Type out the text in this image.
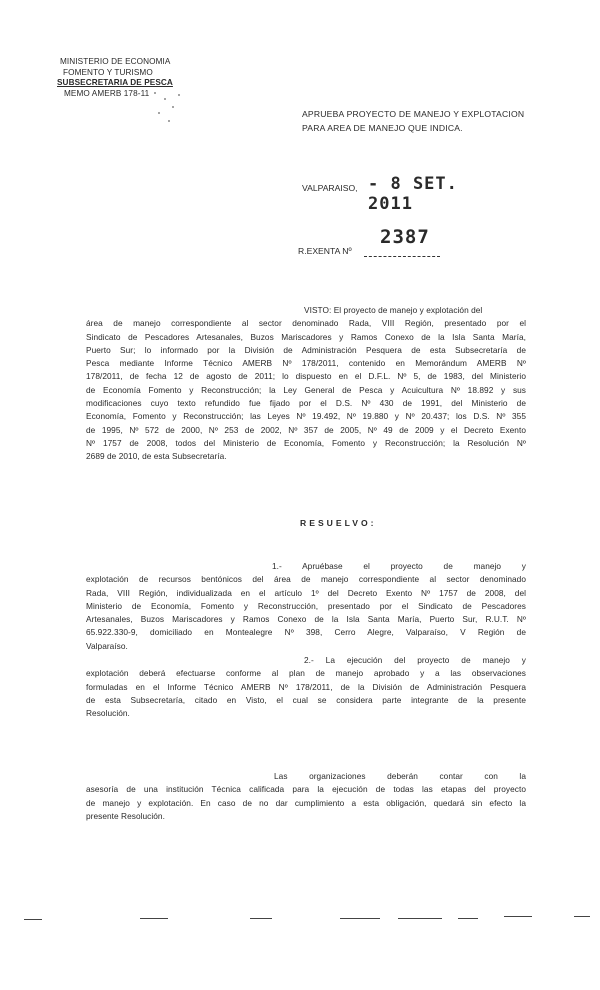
MINISTERIO DE ECONOMIA
FOMENTO Y TURISMO
SUBSECRETARIA DE PESCA
MEMO AMERB 178-11
APRUEBA PROYECTO DE MANEJO Y EXPLOTACION
PARA AREA DE MANEJO QUE INDICA.
VALPARAISO, - 8 SET. 2011
R.EXENTA Nº
2387

VISTO: El proyecto de manejo y explotación del

área de manejo correspondiente al sector denominado Rada, VIII Región, presentado por el

Sindicato de Pescadores Artesanales, Buzos Mariscadores y Ramos Conexo de la Isla Santa María,

Puerto Sur; lo informado por la División de Administración Pesquera de esta Subsecretaría de

Pesca mediante Informe Técnico AMERB Nº 178/2011, contenido en Memorándum AMERB Nº

178/2011, de fecha 12 de agosto de 2011; lo dispuesto en el D.F.L. Nº 5, de 1983, del Ministerio

de Economía Fomento y Reconstrucción; la Ley General de Pesca y Acuicultura Nº 18.892 y sus

modificaciones cuyo texto refundido fue fijado por el D.S. Nº 430 de 1991, del Ministerio de

Economía, Fomento y Reconstrucción; las Leyes Nº 19.492, Nº 19.880 y Nº 20.437; los D.S. Nº 355

de 1995, Nº 572 de 2000, Nº 253 de 2002, Nº 357 de 2005, Nº 49 de 2009 y el Decreto Exento

Nº 1757 de 2008, todos del Ministerio de Economía, Fomento y Reconstrucción; la Resolución Nº

2689 de 2010, de esta Subsecretaría.

RESUELVO:

1.- Apruébase el proyecto de manejo y

explotación de recursos bentónicos del área de manejo correspondiente al sector denominado

Rada, VIII Región, individualizada en el artículo 1º del Decreto Exento Nº 1757 de 2008, del

Ministerio de Economía, Fomento y Reconstrucción, presentado por el Sindicato de Pescadores

Artesanales, Buzos Mariscadores y Ramos Conexo de la Isla Santa María, Puerto Sur, R.U.T. Nº

65.922.330-9, domiciliado en Montealegre Nº 398, Cerro Alegre, Valparaíso, V Región de

Valparaíso.

2.- La ejecución del proyecto de manejo y

explotación deberá efectuarse conforme al plan de manejo aprobado y a las observaciones

formuladas en el Informe Técnico AMERB Nº 178/2011, de la División de Administración Pesquera

de esta Subsecretaría, citado en Visto, el cual se considera parte integrante de la presente

Resolución.

Las organizaciones deberán contar con la

asesoría de una institución Técnica calificada para la ejecución de todas las etapas del proyecto

de manejo y explotación. En caso de no dar cumplimiento a esta obligación, quedará sin efecto la

presente Resolución.
